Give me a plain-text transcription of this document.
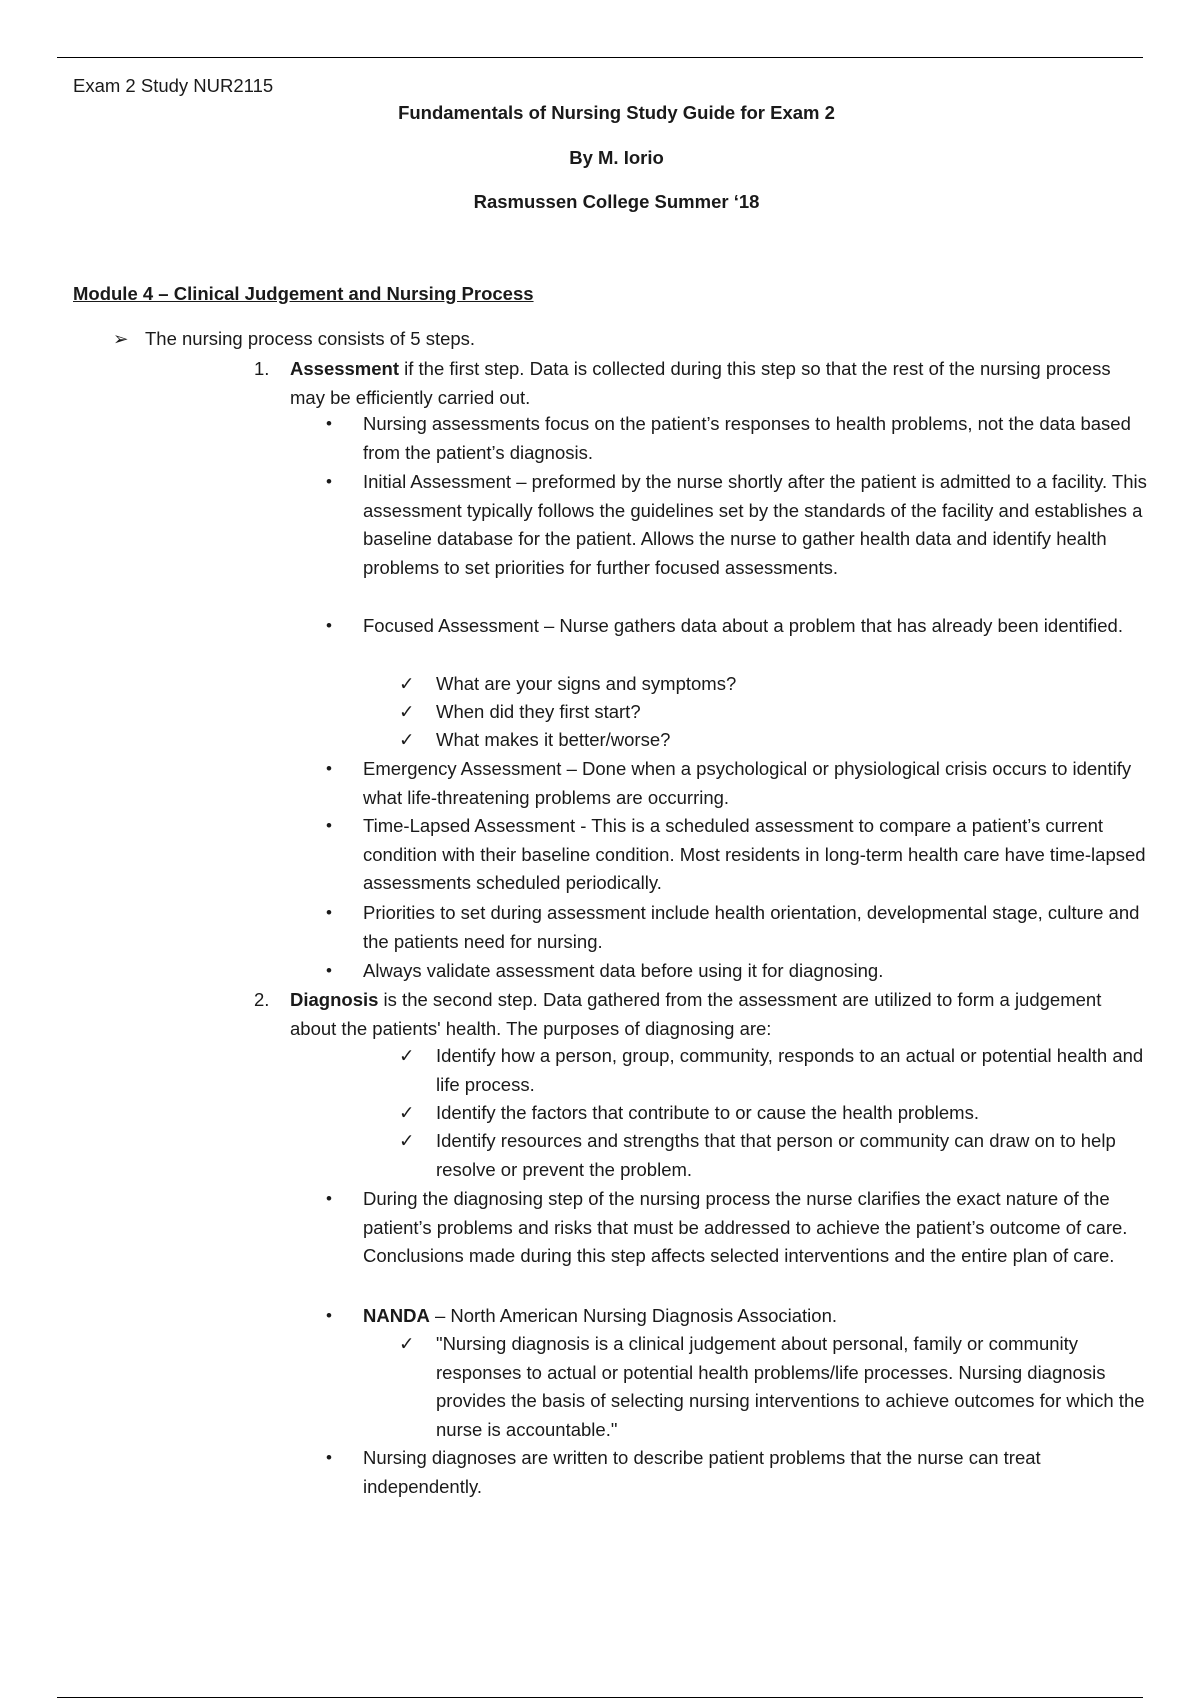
Exam 2 Study NUR2115
Fundamentals of Nursing Study Guide for Exam 2
By M. Iorio
Rasmussen College Summer ‘18
Module 4 – Clinical Judgement and Nursing Process
➢ The nursing process consists of 5 steps.
1. Assessment if the first step. Data is collected during this step so that the rest of the nursing process may be efficiently carried out.
• Nursing assessments focus on the patient’s responses to health problems, not the data based from the patient’s diagnosis.
• Initial Assessment – preformed by the nurse shortly after the patient is admitted to a facility. This assessment typically follows the guidelines set by the standards of the facility and establishes a baseline database for the patient. Allows the nurse to gather health data and identify health problems to set priorities for further focused assessments.
• Focused Assessment – Nurse gathers data about a problem that has already been identified.
✓ What are your signs and symptoms?
✓ When did they first start?
✓ What makes it better/worse?
• Emergency Assessment – Done when a psychological or physiological crisis occurs to identify what life-threatening problems are occurring.
• Time-Lapsed Assessment - This is a scheduled assessment to compare a patient’s current condition with their baseline condition. Most residents in long-term health care have time-lapsed assessments scheduled periodically.
• Priorities to set during assessment include health orientation, developmental stage, culture and the patients need for nursing.
• Always validate assessment data before using it for diagnosing.
2. Diagnosis is the second step. Data gathered from the assessment are utilized to form a judgement about the patients' health. The purposes of diagnosing are:
✓ Identify how a person, group, community, responds to an actual or potential health and life process.
✓ Identify the factors that contribute to or cause the health problems.
✓ Identify resources and strengths that that person or community can draw on to help resolve or prevent the problem.
• During the diagnosing step of the nursing process the nurse clarifies the exact nature of the patient’s problems and risks that must be addressed to achieve the patient’s outcome of care. Conclusions made during this step affects selected interventions and the entire plan of care.
• NANDA – North American Nursing Diagnosis Association.
✓ "Nursing diagnosis is a clinical judgement about personal, family or community responses to actual or potential health problems/life processes. Nursing diagnosis provides the basis of selecting nursing interventions to achieve outcomes for which the nurse is accountable."
• Nursing diagnoses are written to describe patient problems that the nurse can treat independently.
